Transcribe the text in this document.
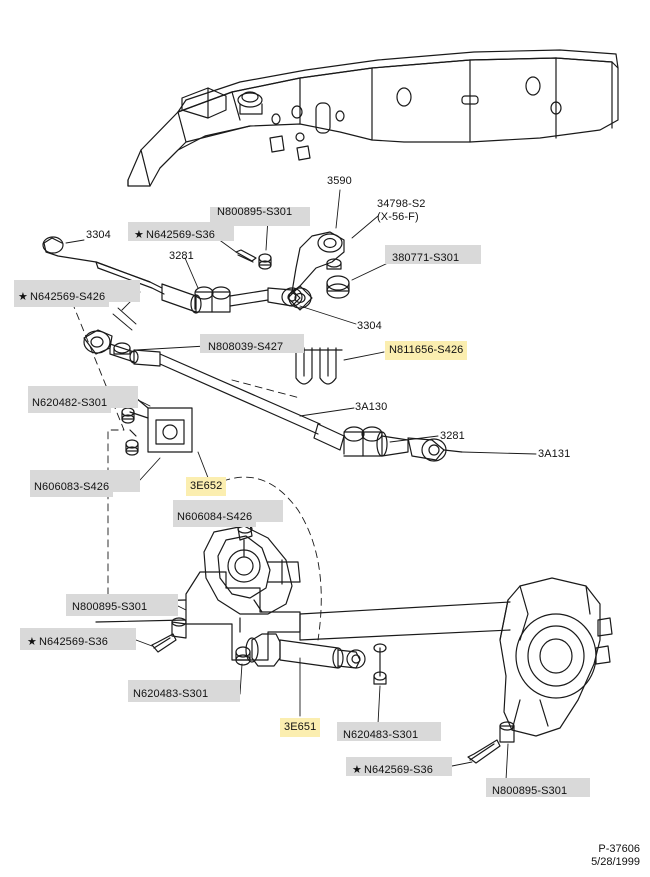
3590
34798-S2
(X-56-F)
N800895-S301
★ N642569-S36
3304
3281	380771-S301
★ N642569-S426
3304
N808039-S427	N811656-S426
N620482-S301	3A130
3281
3A131
N606083-S426	3E652
N606084-S426
N800895-S301
★ N642569-S36
N620483-S301
3E651
N620483-S301
★ N642569-S36
N800895-S301
P-37606
5/28/1999
